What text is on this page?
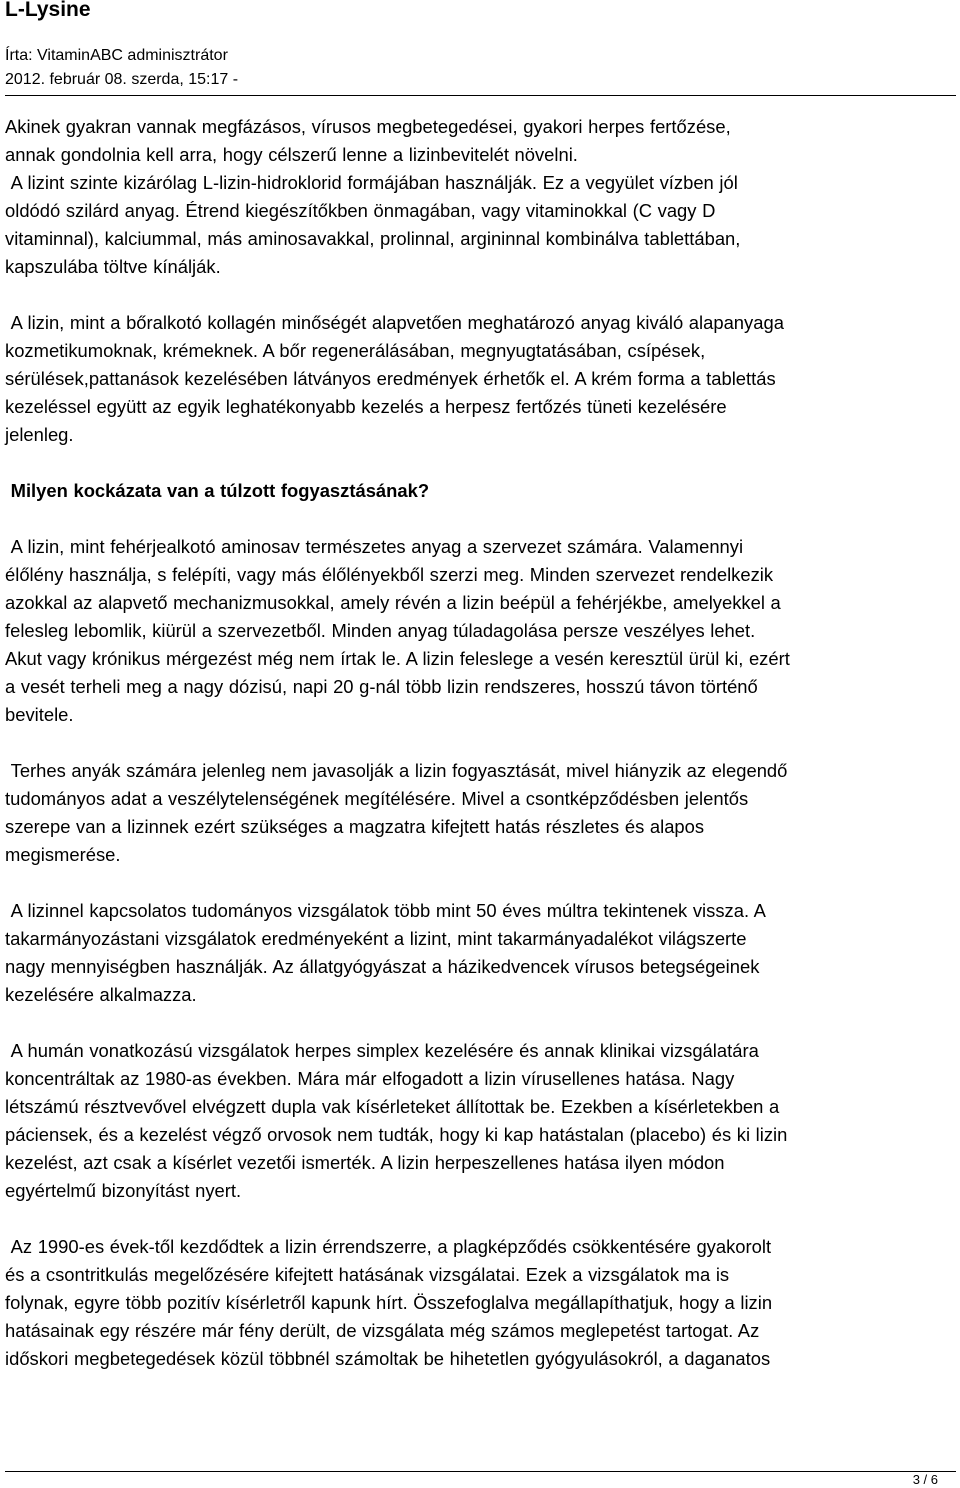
L-Lysine
Írta: VitaminABC adminisztrátor
2012. február 08. szerda, 15:17 -

Akinek gyakran vannak megfázásos, vírusos megbetegedései, gyakori herpes fertőzése,
annak gondolnia kell arra, hogy célszerű lenne a lizinbevitelét növelni.
A lizint szinte kizárólag L-lizin-hidroklorid formájában használják. Ez a vegyület vízben jól
oldódó szilárd anyag. Étrend kiegészítőkben önmagában, vagy vitaminokkal (C vagy D
vitaminnal), kalciummal, más aminosavakkal, prolinnal, argininnal kombinálva tablettában,
kapszulába töltve kínálják.

A lizin, mint a bőralkotó kollagén minőségét alapvetően meghatározó anyag kiváló alapanyaga
kozmetikumoknak, krémeknek. A bőr regenerálásában, megnyugtatásában, csípések,
sérülések,pattanások kezelésében látványos eredmények érhetők el. A krém forma a tablettás
kezeléssel együtt az egyik leghatékonyabb kezelés a herpesz fertőzés tüneti kezelésére
jelenleg.

Milyen kockázata van a túlzott fogyasztásának?

A lizin, mint fehérjealkotó aminosav természetes anyag a szervezet számára. Valamennyi
élőlény használja, s felépíti, vagy más élőlényekből szerzi meg. Minden szervezet rendelkezik
azokkal az alapvető mechanizmusokkal, amely révén a lizin beépül a fehérjékbe, amelyekkel a
felesleg lebomlik, kiürül a szervezetből. Minden anyag túladagolása persze veszélyes lehet.
Akut vagy krónikus mérgezést még nem írtak le. A lizin feleslege a vesén keresztül ürül ki, ezért
a vesét terheli meg a nagy dózisú, napi 20 g-nál több lizin rendszeres, hosszú távon történő
bevitele.

Terhes anyák számára jelenleg nem javasolják a lizin fogyasztását, mivel hiányzik az elegendő
tudományos adat a veszélytelenségének megítélésére. Mivel a csontképződésben jelentős
szerepe van a lizinnek ezért szükséges a magzatra kifejtett hatás részletes és alapos
megismerése.

A lizinnel kapcsolatos tudományos vizsgálatok több mint 50 éves múltra tekintenek vissza. A
takarmányozástani vizsgálatok eredményeként a lizint, mint takarmányadalékot világszerte
nagy mennyiségben használják. Az állatgyógyászat a házikedvencek vírusos betegségeinek
kezelésére alkalmazza.

A humán vonatkozású vizsgálatok herpes simplex kezelésére és annak klinikai vizsgálatára
koncentráltak az 1980-as években. Mára már elfogadott a lizin vírusellenes hatása. Nagy
létszámú résztvevővel elvégzett dupla vak kísérleteket állítottak be. Ezekben a kísérletekben a
páciensek, és a kezelést végző orvosok nem tudták, hogy ki kap hatástalan (placebo) és ki lizin
kezelést, azt csak a kísérlet vezetői ismerték. A lizin herpeszellenes hatása ilyen módon
egyértelmű bizonyítást nyert.

Az 1990-es évek-től kezdődtek a lizin érrendszerre, a plagképződés csökkentésére gyakorolt
és a csontritkulás megelőzésére kifejtett hatásának vizsgálatai. Ezek a vizsgálatok ma is
folynak, egyre több pozitív kísérletről kapunk hírt. Összefoglalva megállapíthatjuk, hogy a lizin
hatásainak egy részére már fény derült, de vizsgálata még számos meglepetést tartogat. Az
időskori megbetegedések közül többnél számoltak be hihetetlen gyógyulásokról, a daganatos

3 / 6
